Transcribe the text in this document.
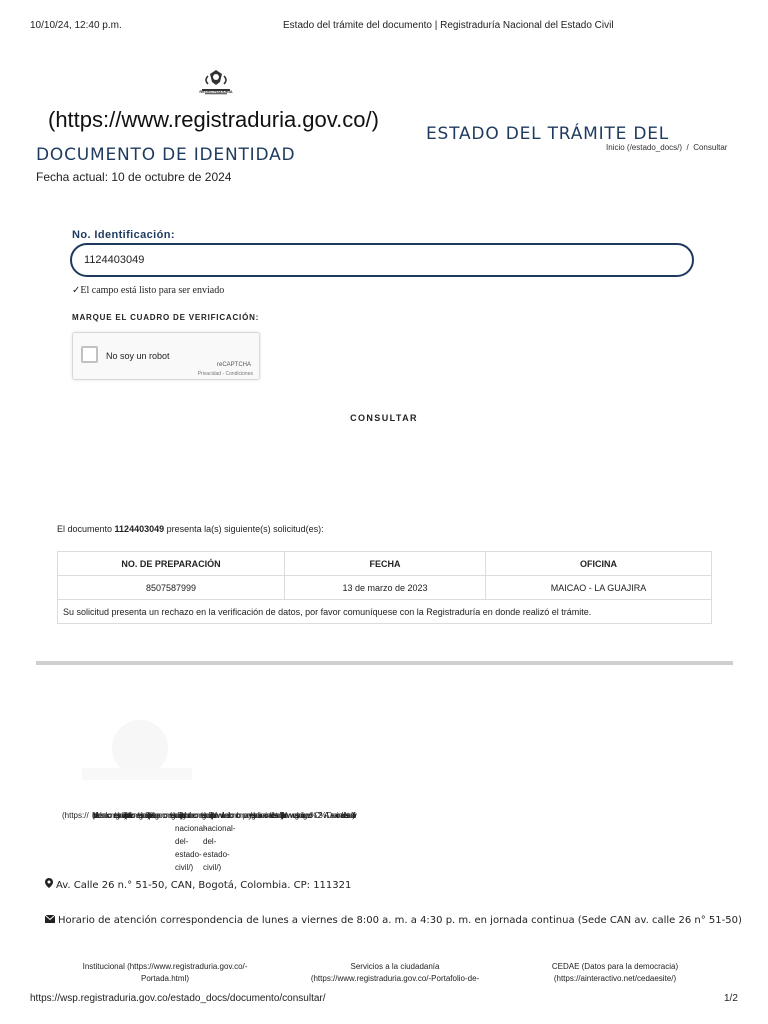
10/10/24, 12:40 p.m.	Estado del trámite del documento | Registraduría Nacional del Estado Civil
REGISTRADURÍA
(https://www.registraduria.gov.co/)
ESTADO DEL TRÁMITE DEL
DOCUMENTO DE IDENTIDAD	Inicio (/estado_docs/) / Consultar
Fecha actual: 10 de octubre de 2024
No. Identificación:
1124403049
✓El campo está listo para ser enviado
MARQUE EL CUADRO DE VERIFICACIÓN:
No soy un robot
reCAPTCHA
Privacidad - Condiciones
CONSULTAR
El documento 1124403049 presenta la(s) siguiente(s) solicitud(es):
NO. DE PREPARACIÓN	FECHA	OFICINA
8507587999	13 de marzo de 2023	MAICAO - LA GUAJIRA
Su solicitud presenta un rechazo en la verificación de datos, por favor comuníquese con la Registraduría en donde realizó el trámite.		
(https:// (https://facebook.com/registraduria)(https://twitter.com/registraduria)(https://instagram.com/registraduria)(https://youtube.com/registraduria)(https://www.linkedin.com/company/registraduria-nacional-del-estado-civil/)(https://www.registraduria.gov.co/%C2%ADa-nacional-del-estado-civil/)
nacional-
del-
estado-
civil/)
nacional-
del-
estado-
civil/)
Av. Calle 26 n.° 51-50, CAN, Bogotá, Colombia. CP: 111321
Horario de atención correspondencia de lunes a viernes de 8:00 a. m. a 4:30 p. m. en jornada continua (Sede CAN av. calle 26 n° 51-50)
Institucional (https://www.registraduria.gov.co/-
Portada.html)
Servicios a la ciudadanía
(https://www.registraduria.gov.co/-Portafolio-de-
CEDAE (Datos para la democracia)
(https://ainteractivo.net/cedaesite/)
https://wsp.registraduria.gov.co/estado_docs/documento/consultar/	1/2
